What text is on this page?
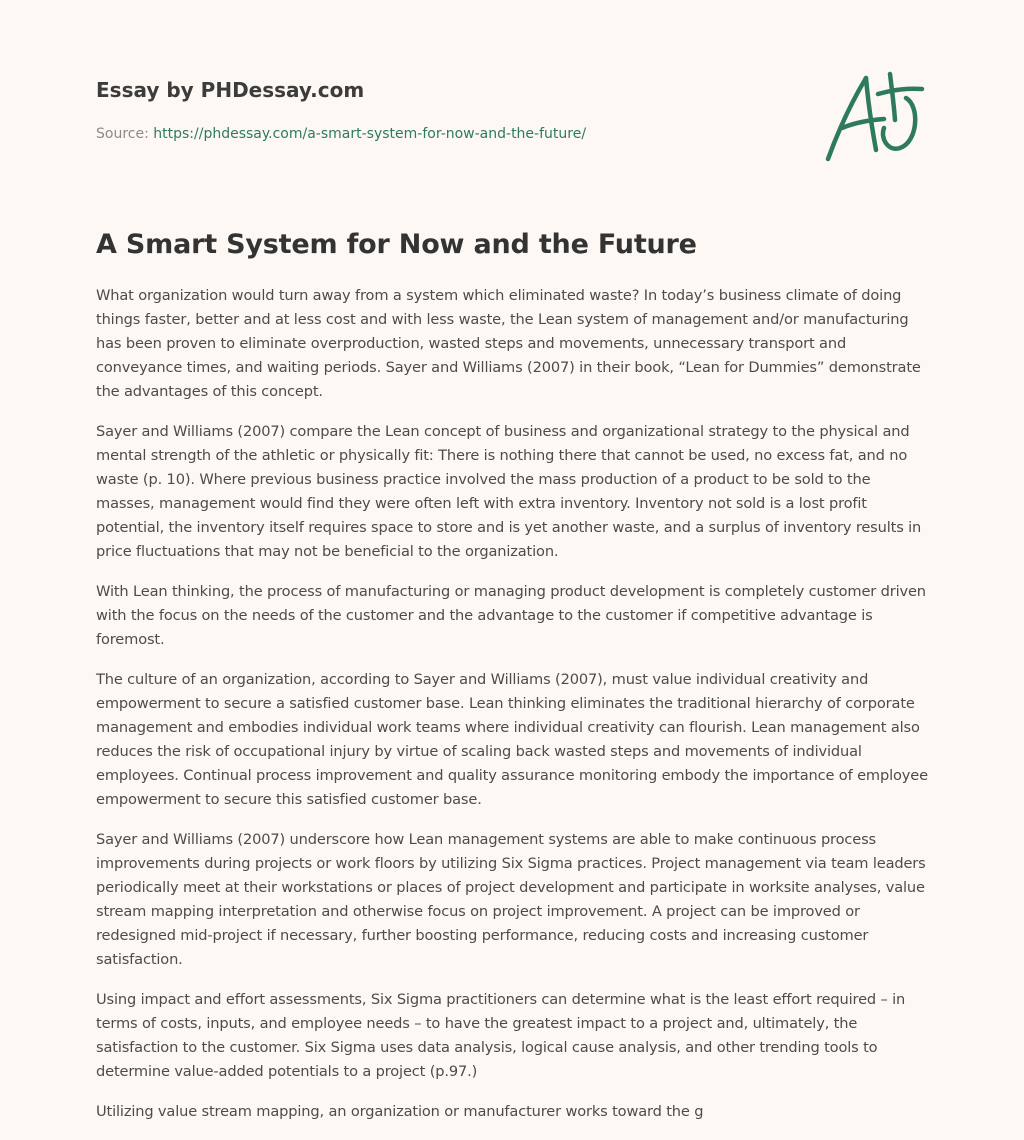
Essay by PHDessay.com
Source: https://phdessay.com/a-smart-system-for-now-and-the-future/
A Smart System for Now and the Future

What organization would turn away from a system which eliminated waste? In today’s business climate of doing things faster, better and at less cost and with less waste, the Lean system of management and/or manufacturing has been proven to eliminate overproduction, wasted steps and movements, unnecessary transport and conveyance times, and waiting periods. Sayer and Williams (2007) in their book, “Lean for Dummies” demonstrate the advantages of this concept.

Sayer and Williams (2007) compare the Lean concept of business and organizational strategy to the physical and mental strength of the athletic or physically fit: There is nothing there that cannot be used, no excess fat, and no waste (p. 10). Where previous business practice involved the mass production of a product to be sold to the masses, management would find they were often left with extra inventory. Inventory not sold is a lost profit potential, the inventory itself requires space to store and is yet another waste, and a surplus of inventory results in price fluctuations that may not be beneficial to the organization.

With Lean thinking, the process of manufacturing or managing product development is completely customer driven with the focus on the needs of the customer and the advantage to the customer if competitive advantage is foremost.

The culture of an organization, according to Sayer and Williams (2007), must value individual creativity and empowerment to secure a satisfied customer base. Lean thinking eliminates the traditional hierarchy of corporate management and embodies individual work teams where individual creativity can flourish. Lean management also reduces the risk of occupational injury by virtue of scaling back wasted steps and movements of individual employees. Continual process improvement and quality assurance monitoring embody the importance of employee empowerment to secure this satisfied customer base.

Sayer and Williams (2007) underscore how Lean management systems are able to make continuous process improvements during projects or work floors by utilizing Six Sigma practices. Project management via team leaders periodically meet at their workstations or places of project development and participate in worksite analyses, value stream mapping interpretation and otherwise focus on project improvement. A project can be improved or redesigned mid-project if necessary, further boosting performance, reducing costs and increasing customer satisfaction.

Using impact and effort assessments, Six Sigma practitioners can determine what is the least effort required – in terms of costs, inputs, and employee needs – to have the greatest impact to a project and, ultimately, the satisfaction to the customer. Six Sigma uses data analysis, logical cause analysis, and other trending tools to determine value-added potentials to a project (p.97.)

Utilizing value stream mapping, an organization or manufacturer works toward the g
